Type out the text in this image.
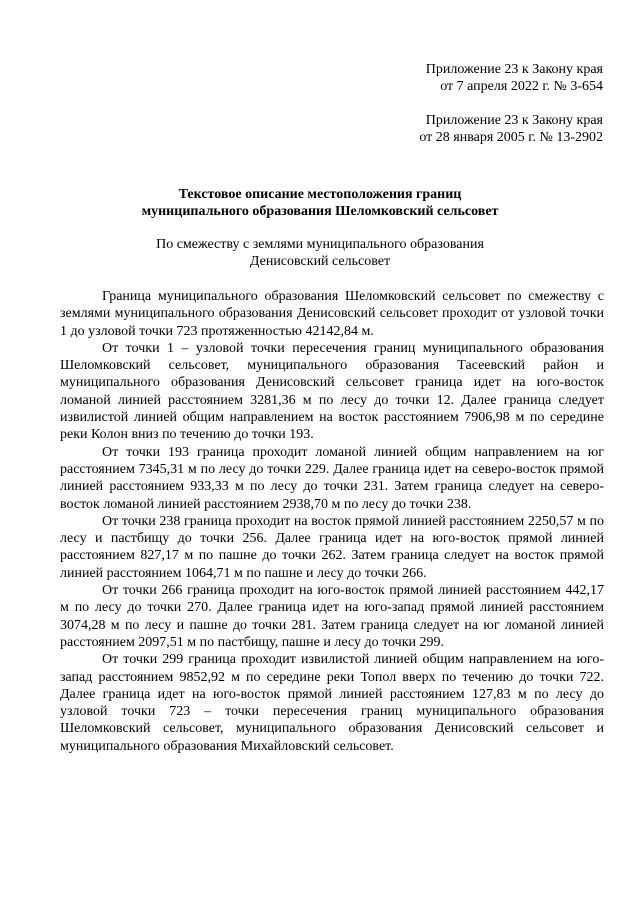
Приложение 23 к Закону края
от 7 апреля 2022 г. № 3-654
Приложение 23 к Закону края
от 28 января 2005 г. № 13-2902
Текстовое описание местоположения границ
муниципального образования Шеломковский сельсовет
По смежеству с землями муниципального образования
Денисовский сельсовет

Граница муниципального образования Шеломковский сельсовет по смежеству с землями муниципального образования Денисовский сельсовет проходит от узловой точки 1 до узловой точки 723 протяженностью 42142,84 м.

От точки 1 – узловой точки пересечения границ муниципального образования Шеломковский сельсовет, муниципального образования Тасеевский район и муниципального образования Денисовский сельсовет граница идет на юго-восток ломаной линией расстоянием 3281,36 м по лесу до точки 12. Далее граница следует извилистой линией общим направлением на восток расстоянием 7906,98 м по середине реки Колон вниз по течению до точки 193.

От точки 193 граница проходит ломаной линией общим направлением на юг расстоянием 7345,31 м по лесу до точки 229. Далее граница идет на северо-восток прямой линией расстоянием 933,33 м по лесу до точки 231. Затем граница следует на северо-восток ломаной линией расстоянием 2938,70 м по лесу до точки 238.

От точки 238 граница проходит на восток прямой линией расстоянием 2250,57 м по лесу и пастбищу до точки 256. Далее граница идет на юго-восток прямой линией расстоянием 827,17 м по пашне до точки 262. Затем граница следует на восток прямой линией расстоянием 1064,71 м по пашне и лесу до точки 266.

От точки 266 граница проходит на юго-восток прямой линией расстоянием 442,17 м по лесу до точки 270. Далее граница идет на юго-запад прямой линией расстоянием 3074,28 м по лесу и пашне до точки 281. Затем граница следует на юг ломаной линией расстоянием 2097,51 м по пастбищу, пашне и лесу до точки 299.

От точки 299 граница проходит извилистой линией общим направлением на юго-запад расстоянием 9852,92 м по середине реки Топол вверх по течению до точки 722. Далее граница идет на юго-восток прямой линией расстоянием 127,83 м по лесу до узловой точки 723 – точки пересечения границ муниципального образования Шеломковский сельсовет, муниципального образования Денисовский сельсовет и муниципального образования Михайловский сельсовет.
